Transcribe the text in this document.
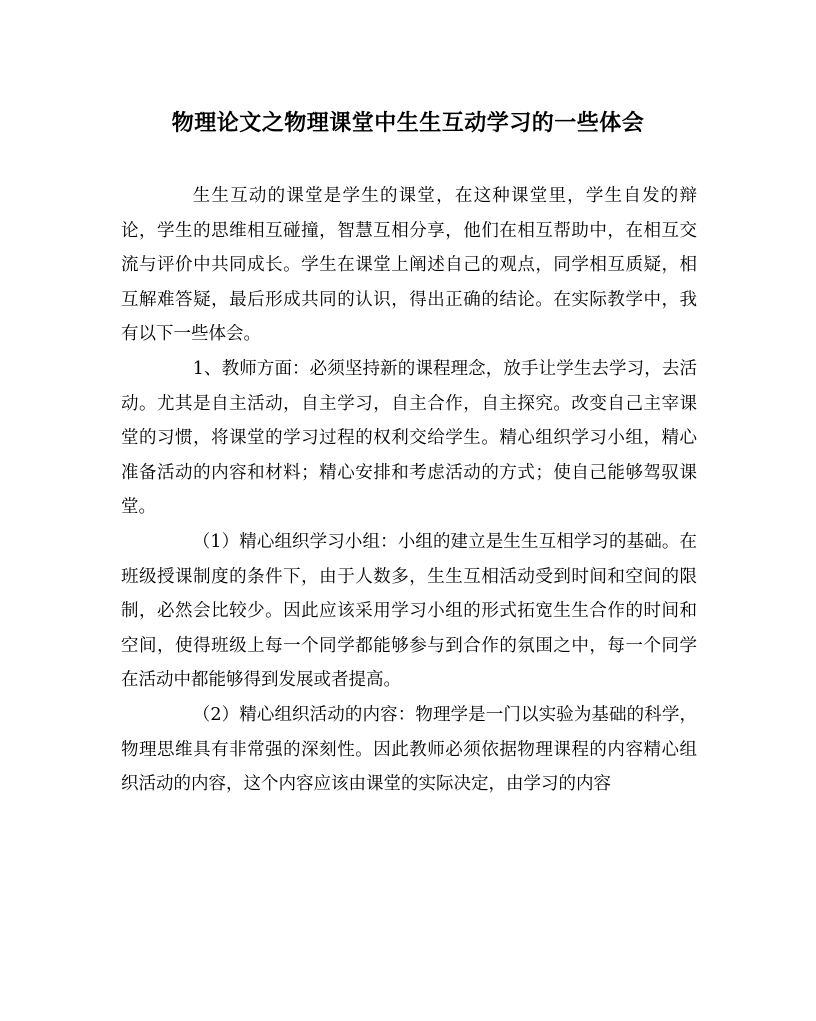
物理论文之物理课堂中生生互动学习的一些体会

生生互动的课堂是学生的课堂，在这种课堂里，学生自发的辩论，学生的思维相互碰撞，智慧互相分享，他们在相互帮助中，在相互交流与评价中共同成长。学生在课堂上阐述自己的观点，同学相互质疑，相互解难答疑，最后形成共同的认识，得出正确的结论。在实际教学中，我有以下一些体会。

1、教师方面：必须坚持新的课程理念，放手让学生去学习，去活动。尤其是自主活动，自主学习，自主合作，自主探究。改变自己主宰课堂的习惯，将课堂的学习过程的权利交给学生。精心组织学习小组，精心准备活动的内容和材料；精心安排和考虑活动的方式；使自己能够驾驭课堂。

（1）精心组织学习小组：小组的建立是生生互相学习的基础。在班级授课制度的条件下，由于人数多，生生互相活动受到时间和空间的限制，必然会比较少。因此应该采用学习小组的形式拓宽生生合作的时间和空间，使得班级上每一个同学都能够参与到合作的氛围之中，每一个同学在活动中都能够得到发展或者提高。

（2）精心组织活动的内容：物理学是一门以实验为基础的科学，物理思维具有非常强的深刻性。因此教师必须依据物理课程的内容精心组织活动的内容，这个内容应该由课堂的实际决定，由学习的内容
